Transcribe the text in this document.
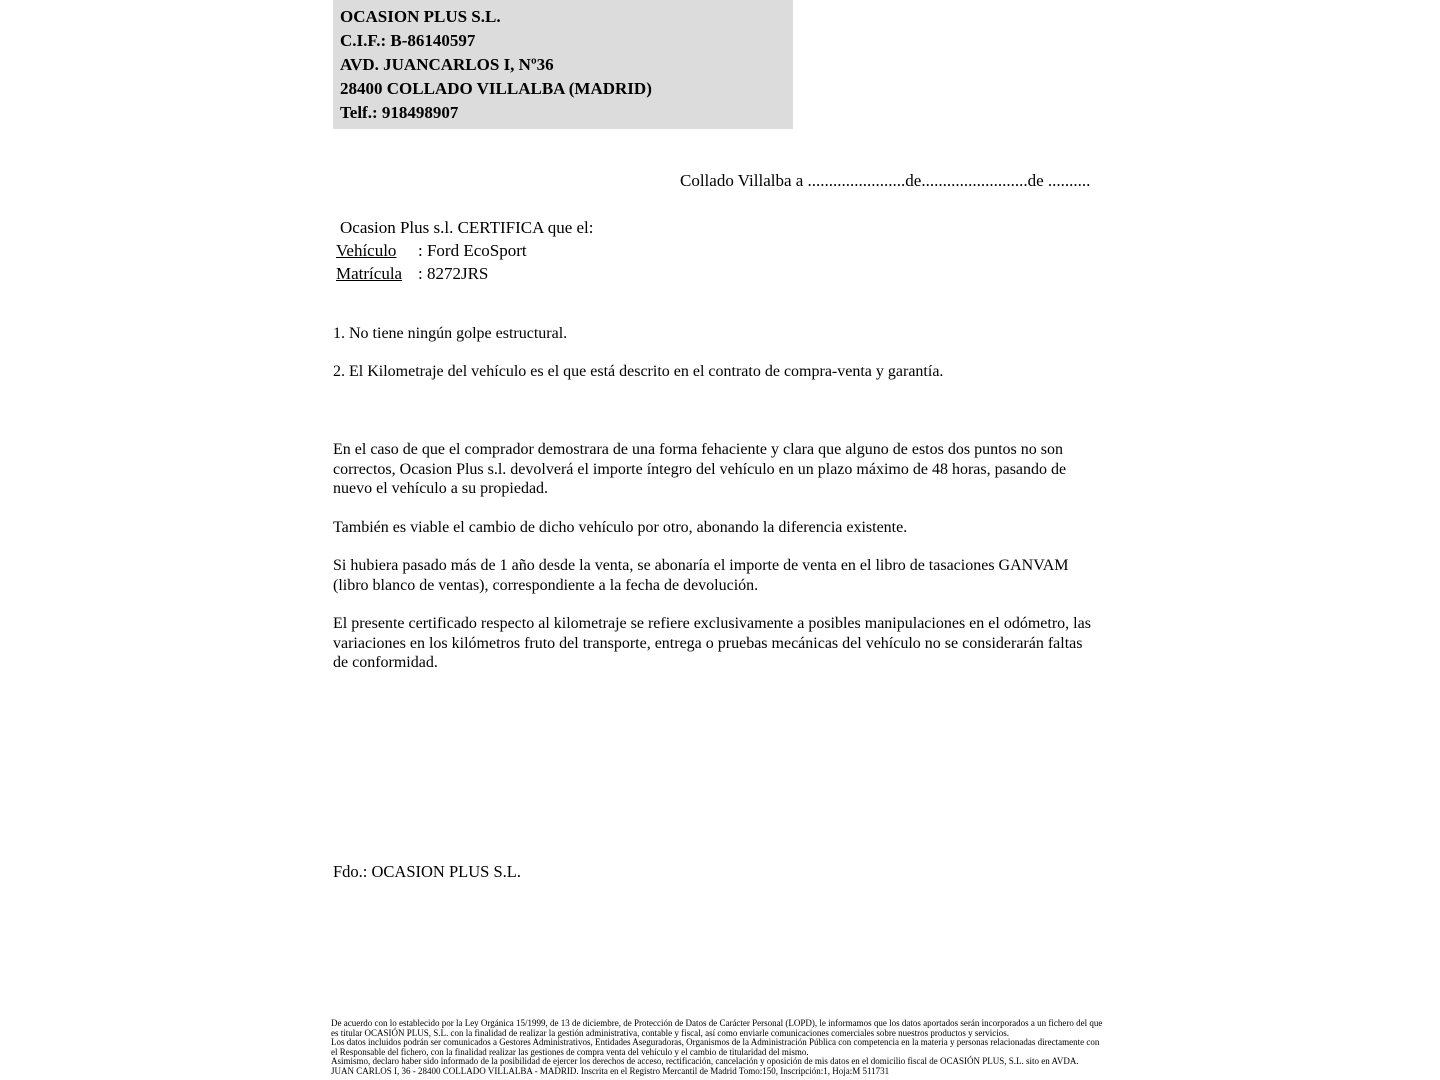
OCASION PLUS S.L.
C.I.F.: B-86140597
AVD. JUANCARLOS I, Nº36
28400 COLLADO VILLALBA (MADRID)
Telf.: 918498907
Collado Villalba a .......................de.........................de ..........
Ocasion Plus s.l. CERTIFICA que el:
Vehículo	: Ford EcoSport
Matrícula : 8272JRS

1. No tiene ningún golpe estructural.

2. El Kilometraje del vehículo es el que está descrito en el contrato de compra-venta y garantía.

En el caso de que el comprador demostrara de una forma fehaciente y clara que alguno de estos dos puntos no son correctos, Ocasion Plus s.l. devolverá el importe íntegro del vehículo en un plazo máximo de 48 horas, pasando de nuevo el vehículo a su propiedad.

También es viable el cambio de dicho vehículo por otro, abonando la diferencia existente.

Si hubiera pasado más de 1 año desde la venta, se abonaría el importe de venta en el libro de tasaciones GANVAM (libro blanco de ventas), correspondiente a la fecha de devolución.

El presente certificado respecto al kilometraje se refiere exclusivamente a posibles manipulaciones en el odómetro, las variaciones en los kilómetros fruto del transporte, entrega o pruebas mecánicas del vehículo no se considerarán faltas de conformidad.

Fdo.: OCASION PLUS S.L.

De acuerdo con lo establecido por la Ley Orgánica 15/1999, de 13 de diciembre, de Protección de Datos de Carácter Personal (LOPD), le informamos que los datos aportados serán incorporados a un fichero del que es titular OCASIÓN PLUS, S.L. con la finalidad de realizar la gestión administrativa, contable y fiscal, así como enviarle comunicaciones comerciales sobre nuestros productos y servicios.

Los datos incluidos podrán ser comunicados a Gestores Administrativos, Entidades Aseguradoras, Organismos de la Administración Pública con competencia en la materia y personas relacionadas directamente con el Responsable del fichero, con la finalidad realizar las gestiones de compra venta del vehículo y el cambio de titularidad del mismo.

Asimismo, declaro haber sido informado de la posibilidad de ejercer los derechos de acceso, rectificación, cancelación y oposición de mis datos en el domicilio fiscal de OCASIÓN PLUS, S.L. sito en AVDA. JUAN CARLOS I, 36 - 28400 COLLADO VILLALBA - MADRID. Inscrita en el Registro Mercantil de Madrid Tomo:150, Inscripción:1, Hoja:M 511731
